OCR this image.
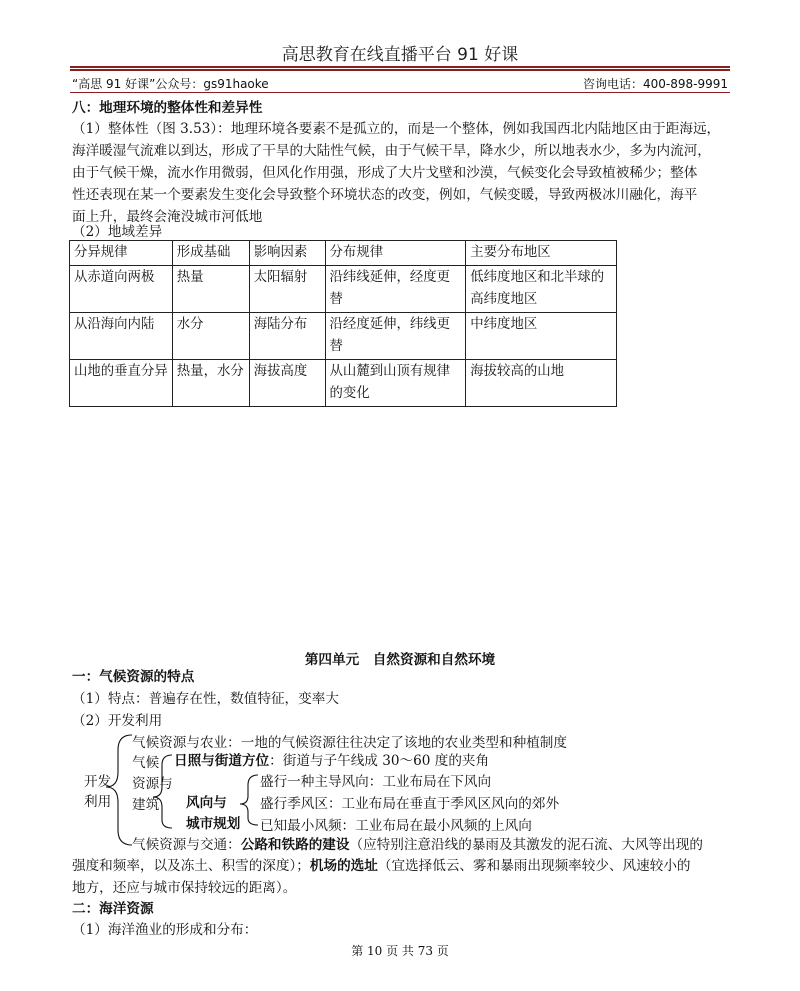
高思教育在线直播平台 91 好课
“高思 91 好课”公众号：gs91haoke	咨询电话：400-898-9991
八：地理环境的整体性和差异性
（1）整体性（图 3.53）：地理环境各要素不是孤立的，而是一个整体，例如我国西北内陆地区由于距海远，
海洋暖湿气流难以到达，形成了干旱的大陆性气候，由于气候干旱，降水少，所以地表水少，多为内流河，
由于气候干燥，流水作用微弱，但风化作用强，形成了大片戈壁和沙漠，气候变化会导致植被稀少；整体
性还表现在某一个要素发生变化会导致整个环境状态的改变，例如，气候变暖，导致两极冰川融化，海平
面上升，最终会淹没城市河低地
（2）地域差异
分异规律	形成基础	影响因素	分布规律	主要分布地区
从赤道向两极	热量	太阳辐射	沿纬线延伸，经度更替	低纬度地区和北半球的高纬度地区
从沿海向内陆	水分	海陆分布	沿经度延伸，纬线更替	中纬度地区
山地的垂直分异	热量，水分	海拔高度	从山麓到山顶有规律的变化	海拔较高的山地
第四单元　自然资源和自然环境
一：气候资源的特点
（1）特点：普遍存在性，数值特征，变率大
（2）开发利用
开发
利用
气候资源与农业：一地的气候资源往往决定了该地的农业类型和种植制度
气候
资源与
建筑
日照与街道方位：街道与子午线成 30～60 度的夹角
风向与
城市规划
盛行一种主导风向：工业布局在下风向
盛行季风区：工业布局在垂直于季风区风向的郊外
已知最小风频：工业布局在最小风频的上风向
气候资源与交通：公路和铁路的建设（应特别注意沿线的暴雨及其激发的泥石流、大风等出现的
强度和频率，以及冻土、积雪的深度）；机场的选址（宜选择低云、雾和暴雨出现频率较少、风速较小的
地方，还应与城市保持较远的距离）。
二：海洋资源
（1）海洋渔业的形成和分布：
第 10 页 共 73 页
